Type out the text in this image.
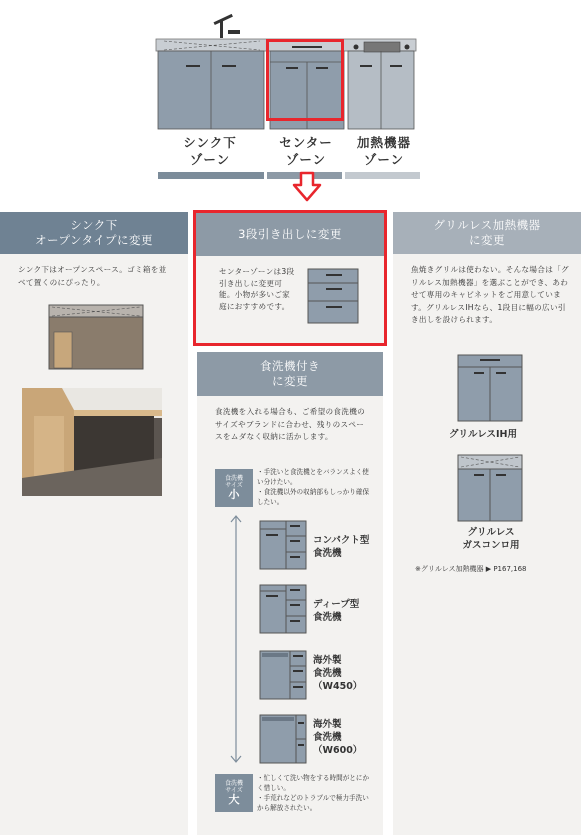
シンク下
ゾーン
センター
ゾーン
加熱機器
ゾーン
シンク下
オープンタイプに変更
シンク下はオープンスペース。ゴミ箱を並べて置くのにぴったり。
3段引き出しに変更
センターゾーンは3段引き出しに変更可能。小物が多いご家庭におすすめです。
食洗機付き
に変更
食洗機を入れる場合も、ご希望の食洗機のサイズやブランドに合わせ、残りのスペースをムダなく収納に活かします。
食洗機
サイズ
小
・手洗いと食洗機とをバランスよく使い分けたい。
・食洗機以外の収納部もしっかり確保したい。
コンパクト型
食洗機
ディープ型
食洗機
海外製
食洗機
（W450）
海外製
食洗機
（W600）
食洗機
サイズ
大
・忙しくて洗い物をする時間がとにかく惜しい。
・手荒れなどのトラブルで極力手洗いから解放されたい。
グリルレス加熱機器
に変更
魚焼きグリルは使わない。そんな場合は「グリルレス加熱機器」を選ぶことができ、あわせて専用のキャビネットをご用意しています。グリルレスIHなら、1段目に幅の広い引き出しを設けられます。
グリルレスIH用
グリルレス
ガスコンロ用
※グリルレス加熱機器 ▶ P167,168
